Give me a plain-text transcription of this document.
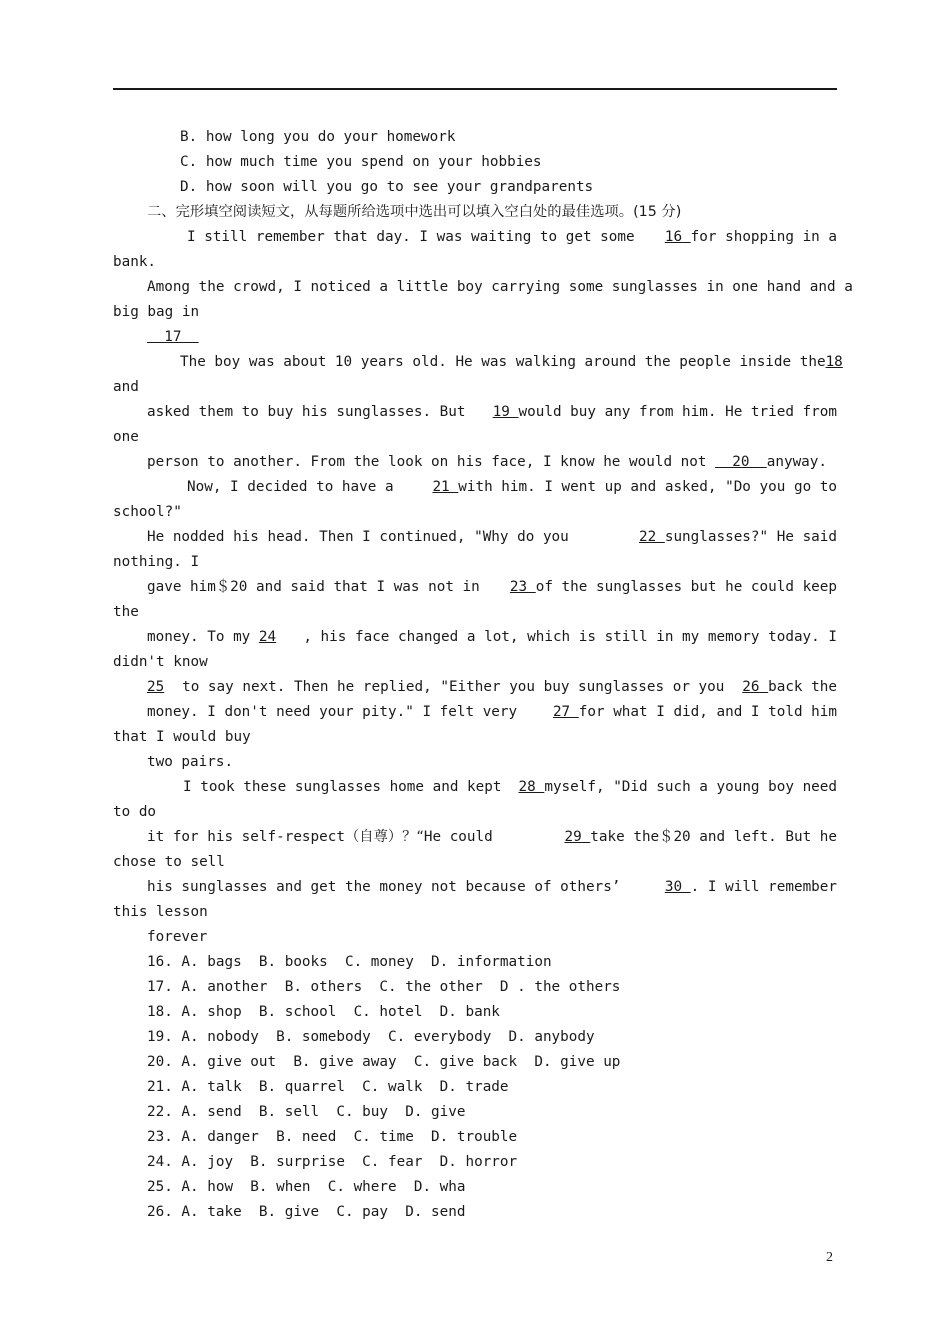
B. how long you do your homework
C. how much time you spend on your hobbies
D. how soon will you go to see your grandparents
二、完形填空阅读短文，从每题所给选项中选出可以填入空白处的最佳选项。(15 分)
I still remember that day. I was waiting to get some 16 for shopping in a
bank.
Among the crowd, I noticed a little boy carrying some sunglasses in one hand and a
big bag in
17
The boy was about 10 years old. He was walking around the people inside the 18
and
asked them to buy his sunglasses. But 19 would buy any from him. He tried from
one
person to another. From the look on his face, I know he would not   20  anyway.
Now, I decided to have a	21 with him. I went up and asked, "Do you go to
school?"
He nodded his head. Then I continued, "Why do you	22 sunglasses?" He said
nothing. I
gave him＄20 and said that I was not in 23 of the sunglasses but he could keep
the
money. To my 24 , his face changed a lot, which is still in my memory today. I
didn't know
25 to say next. Then he replied, "Either you buy sunglasses or you 26 back the
money. I don't need your pity." I felt very	27 for what I did, and I told him
that I would buy
two pairs.
I took these sunglasses home and kept 28 myself, "Did such a young boy need
to do
it for his self-respect（自尊）？“He could	29 take the＄20 and left. But he
chose to sell
his sunglasses and get the money not because of others’	30 . I will remember
this lesson
forever
16. A. bags  B. books  C. money  D. information
17. A. another  B. others  C. the other  D . the others
18. A. shop  B. school  C. hotel  D. bank
19. A. nobody  B. somebody  C. everybody  D. anybody
20. A. give out  B. give away  C. give back  D. give up
21. A. talk  B. quarrel  C. walk  D. trade
22. A. send  B. sell  C. buy  D. give
23. A. danger  B. need  C. time  D. trouble
24. A. joy  B. surprise  C. fear  D. horror
25. A. how  B. when  C. where  D. wha
26. A. take  B. give  C. pay  D. send
2
